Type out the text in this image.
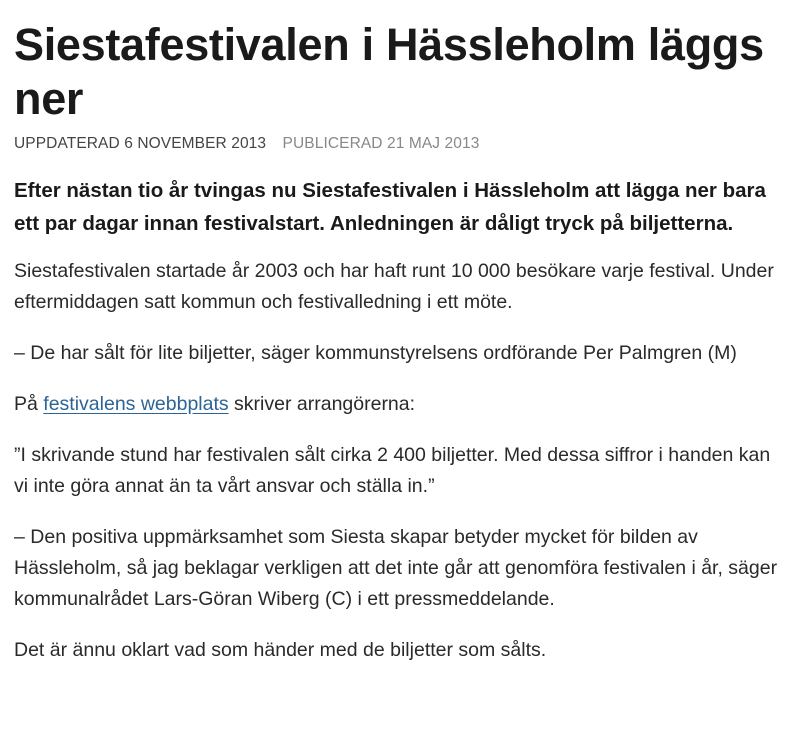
Siestafestivalen i Hässleholm läggs ner
UPPDATERAD 6 NOVEMBER 2013 PUBLICERAD 21 MAJ 2013

Efter nästan tio år tvingas nu Siestafestivalen i Hässleholm att lägga ner bara ett par dagar innan festivalstart. Anledningen är dåligt tryck på biljetterna.

Siestafestivalen startade år 2003 och har haft runt 10 000 besökare varje festival. Under eftermiddagen satt kommun och festivalledning i ett möte.

– De har sålt för lite biljetter, säger kommunstyrelsens ordförande Per Palmgren (M)

På festivalens webbplats skriver arrangörerna:

”I skrivande stund har festivalen sålt cirka 2 400 biljetter. Med dessa siffror i handen kan vi inte göra annat än ta vårt ansvar och ställa in.”

– Den positiva uppmärksamhet som Siesta skapar betyder mycket för bilden av Hässleholm, så jag beklagar verkligen att det inte går att genomföra festivalen i år, säger kommunalrådet Lars-Göran Wiberg (C) i ett pressmeddelande.

Det är ännu oklart vad som händer med de biljetter som sålts.
